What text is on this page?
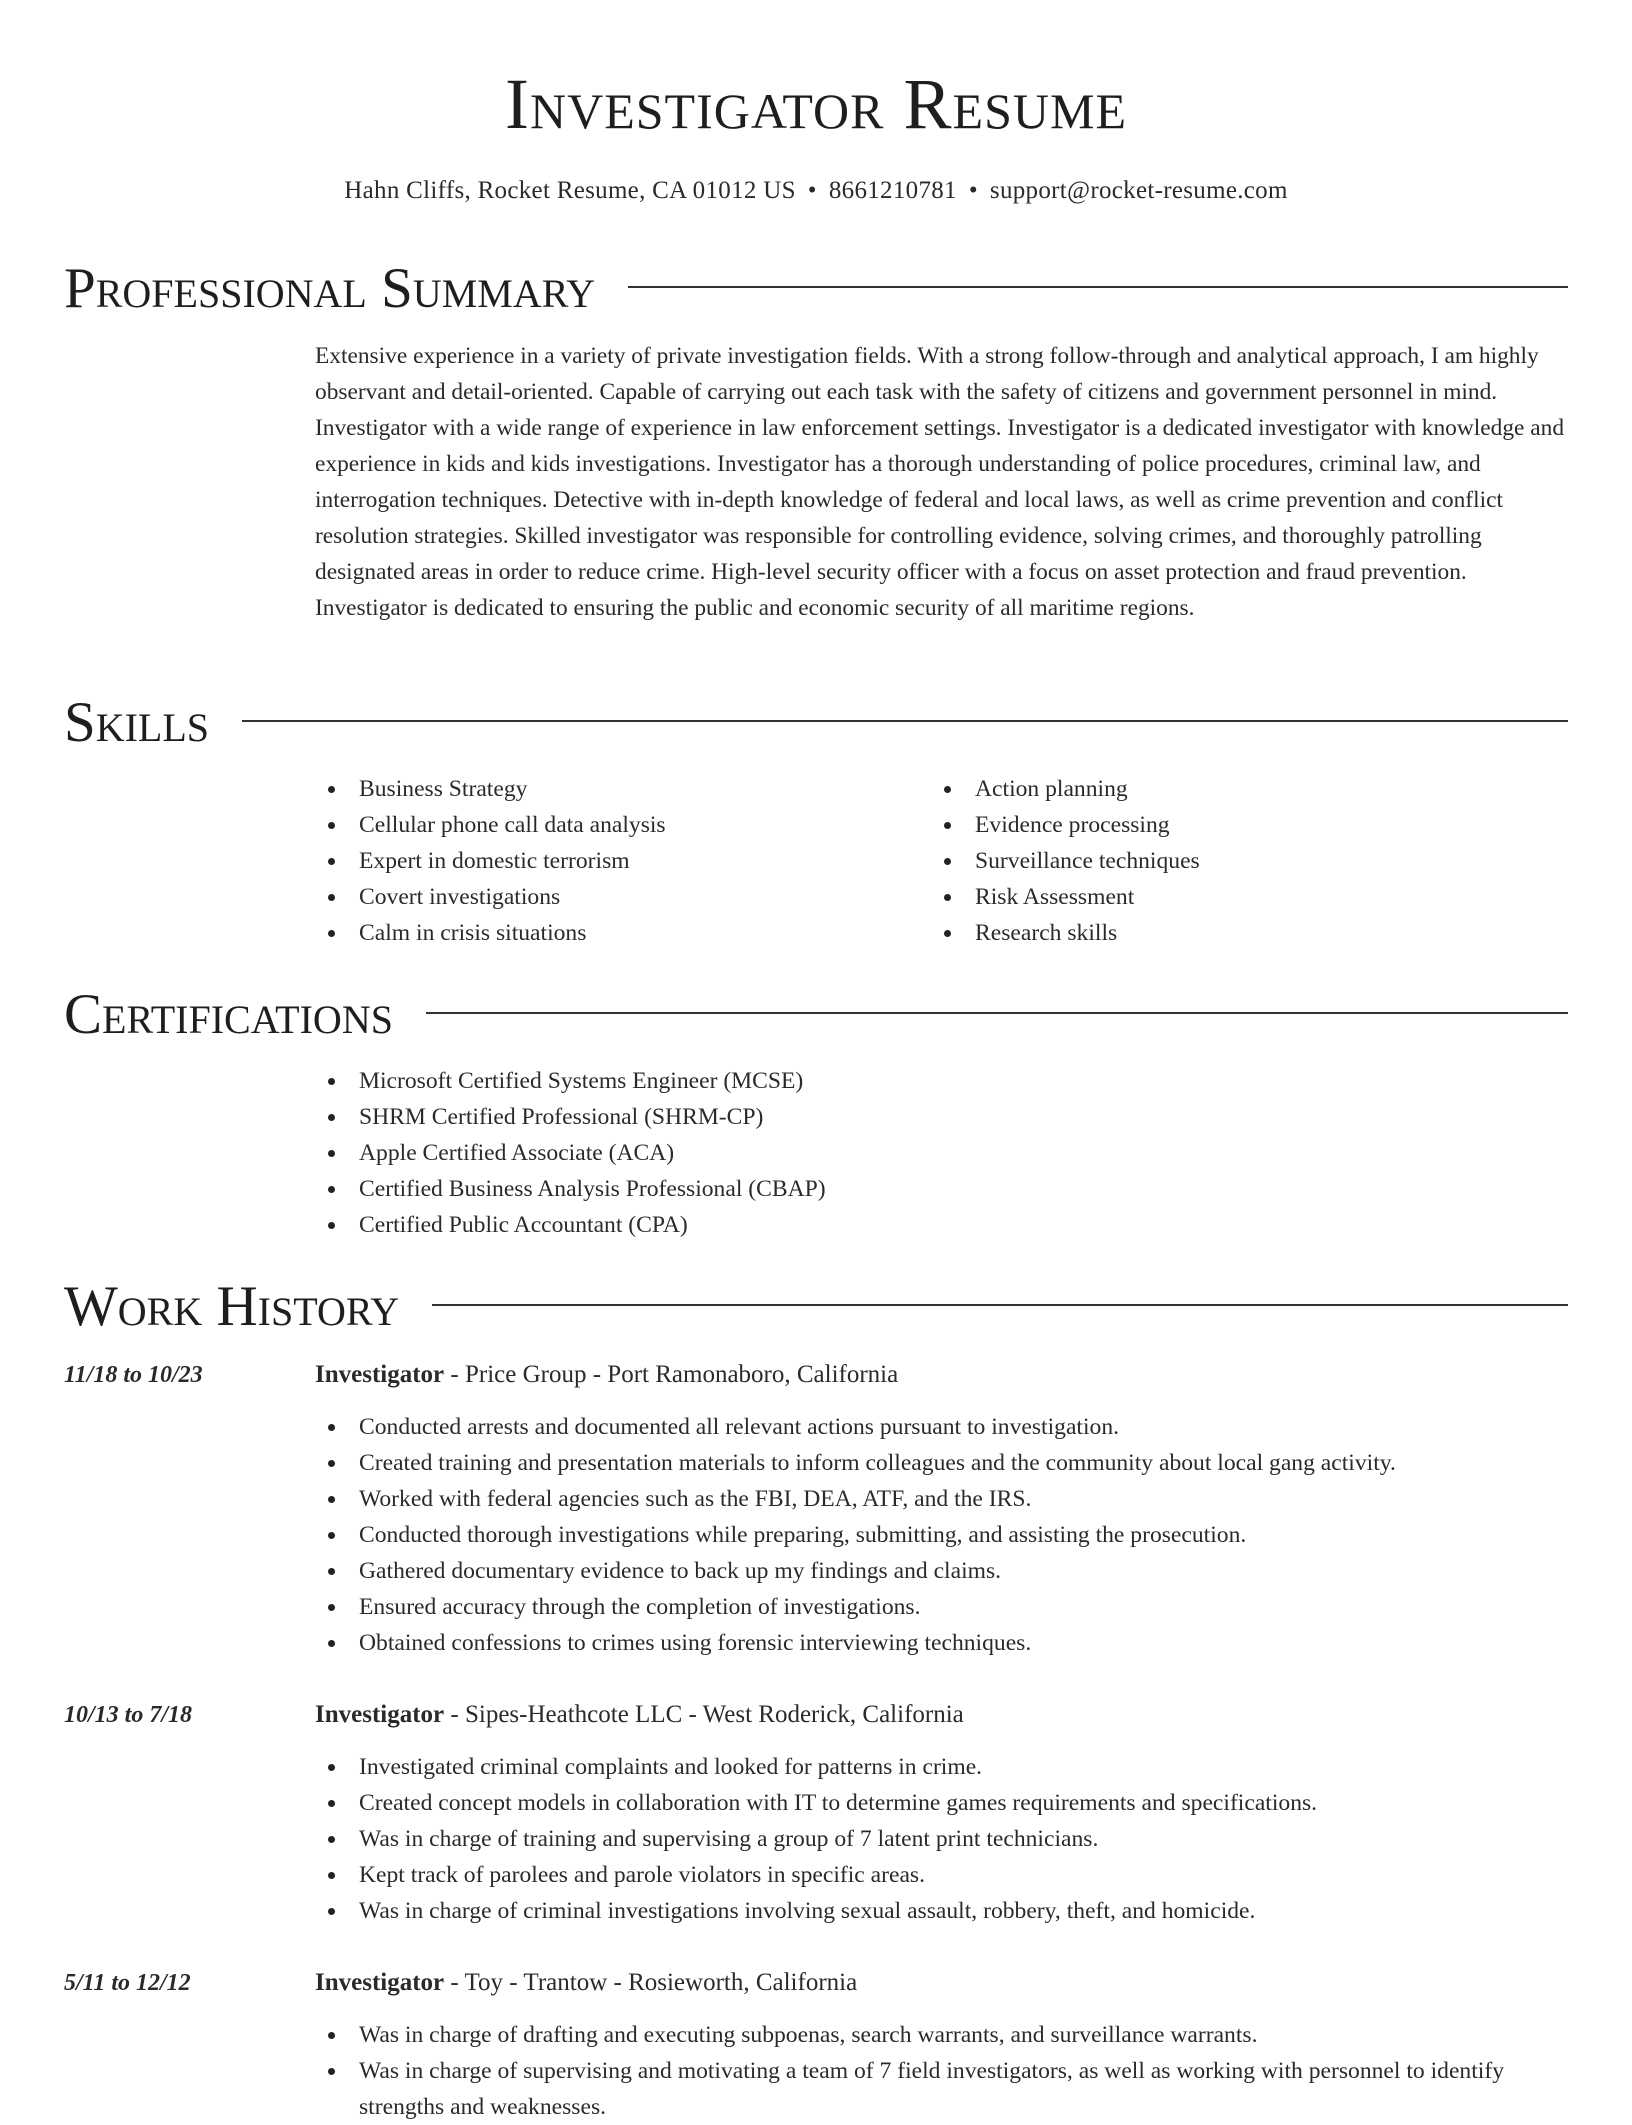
Investigator Resume
Hahn Cliffs, Rocket Resume, CA 01012 US • 8661210781 • support@rocket-resume.com
Professional Summary

Extensive experience in a variety of private investigation fields. With a strong follow-through and analytical approach, I am highly observant and detail-oriented. Capable of carrying out each task with the safety of citizens and government personnel in mind. Investigator with a wide range of experience in law enforcement settings. Investigator is a dedicated investigator with knowledge and experience in kids and kids investigations. Investigator has a thorough understanding of police procedures, criminal law, and interrogation techniques. Detective with in-depth knowledge of federal and local laws, as well as crime prevention and conflict resolution strategies. Skilled investigator was responsible for controlling evidence, solving crimes, and thoroughly patrolling designated areas in order to reduce crime. High-level security officer with a focus on asset protection and fraud prevention. Investigator is dedicated to ensuring the public and economic security of all maritime regions.

Skills
Business Strategy
Cellular phone call data analysis
Expert in domestic terrorism
Covert investigations
Calm in crisis situations
Action planning
Evidence processing
Surveillance techniques
Risk Assessment
Research skills
Certifications
Microsoft Certified Systems Engineer (MCSE)
SHRM Certified Professional (SHRM-CP)
Apple Certified Associate (ACA)
Certified Business Analysis Professional (CBAP)
Certified Public Accountant (CPA)
Work History
11/18 to 10/23	Investigator - Price Group - Port Ramonaboro, California
Conducted arrests and documented all relevant actions pursuant to investigation.
Created training and presentation materials to inform colleagues and the community about local gang activity.
Worked with federal agencies such as the FBI, DEA, ATF, and the IRS.
Conducted thorough investigations while preparing, submitting, and assisting the prosecution.
Gathered documentary evidence to back up my findings and claims.
Ensured accuracy through the completion of investigations.
Obtained confessions to crimes using forensic interviewing techniques.
10/13 to 7/18	Investigator - Sipes-Heathcote LLC - West Roderick, California
Investigated criminal complaints and looked for patterns in crime.
Created concept models in collaboration with IT to determine games requirements and specifications.
Was in charge of training and supervising a group of 7 latent print technicians.
Kept track of parolees and parole violators in specific areas.
Was in charge of criminal investigations involving sexual assault, robbery, theft, and homicide.
5/11 to 12/12	Investigator - Toy - Trantow - Rosieworth, California
Was in charge of drafting and executing subpoenas, search warrants, and surveillance warrants.
Was in charge of supervising and motivating a team of 7 field investigators, as well as working with personnel to identify strengths and weaknesses.
